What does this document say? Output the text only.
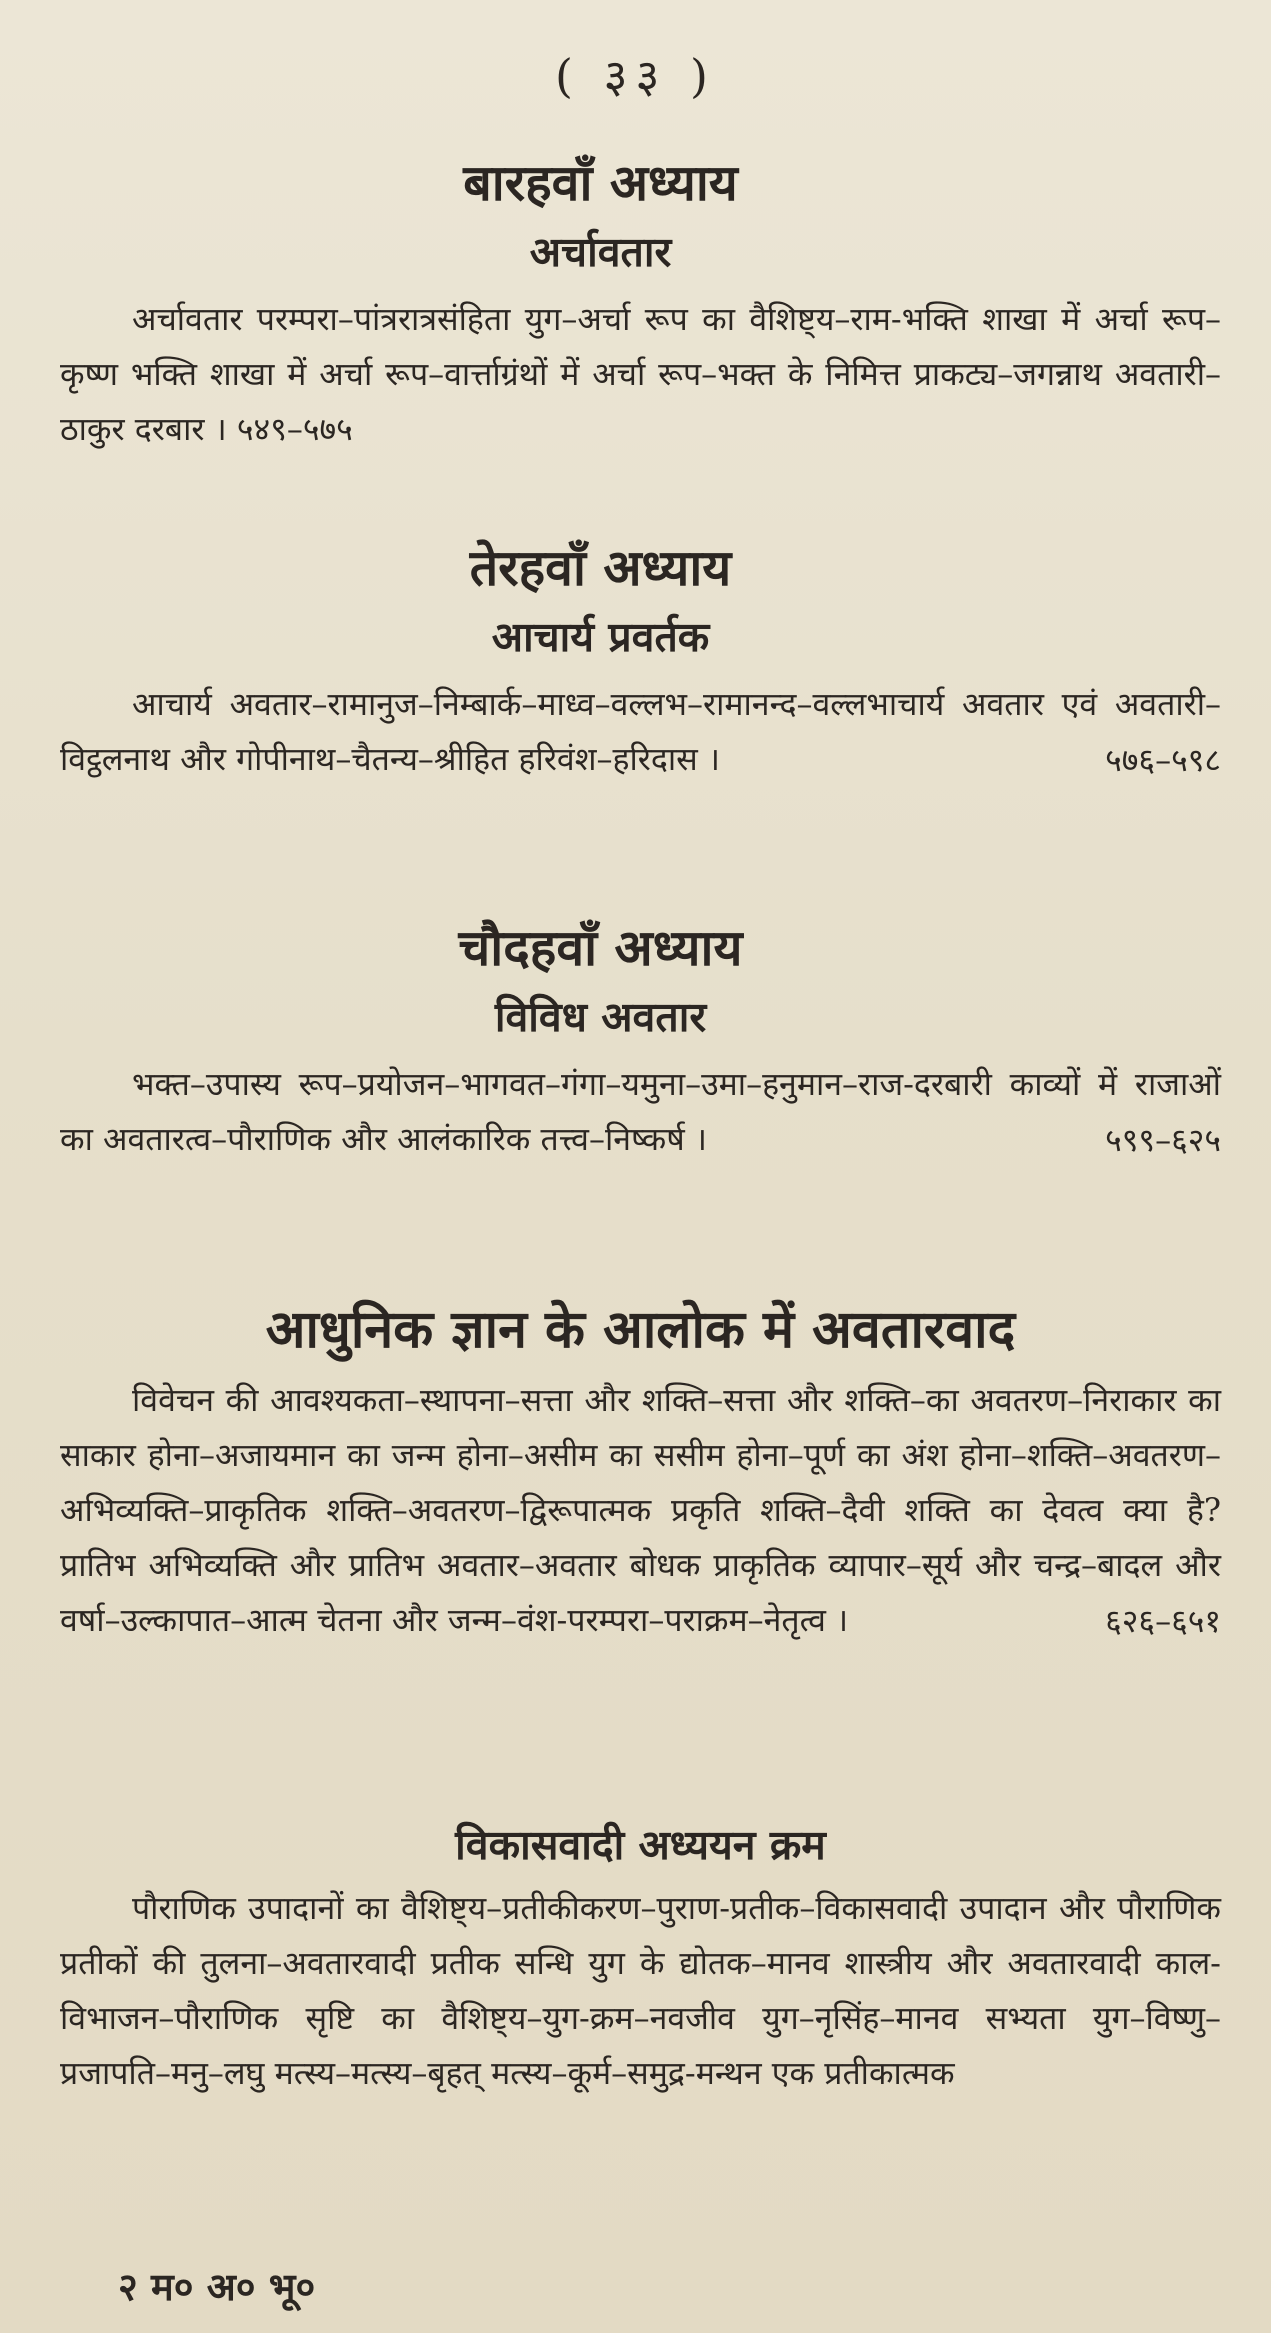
( ३३ )
बारहवाँ अध्याय
अर्चावतार

अर्चावतार परम्परा–पांत्ररात्रसंहिता युग–अर्चा रूप का वैशिष्ट्य–राम-भक्ति शाखा में अर्चा रूप–कृष्ण भक्ति शाखा में अर्चा रूप–वार्त्ताग्रंथों में अर्चा रूप–भक्त के निमित्त प्राकट्य–जगन्नाथ अवतारी–ठाकुर दरबार । ५४९–५७५

तेरहवाँ अध्याय
आचार्य प्रवर्तक

आचार्य अवतार–रामानुज–निम्बार्क–माध्व–वल्लभ–रामानन्द–वल्लभाचार्य अवतार एवं अवतारी–विट्ठलनाथ और गोपीनाथ–चैतन्य–श्रीहित हरिवंश–हरिदास ।	५७६–५९८
चौदहवाँ अध्याय
विविध अवतार

भक्त–उपास्य रूप–प्रयोजन–भागवत–गंगा–यमुना–उमा–हनुमान–राज-दरबारी काव्यों में राजाओं का अवतारत्व–पौराणिक और आलंकारिक तत्त्व–निष्कर्ष ।	५९९–६२५
आधुनिक ज्ञान के आलोक में अवतारवाद

विवेचन की आवश्यकता–स्थापना–सत्ता और शक्ति–सत्ता और शक्ति–का अवतरण–निराकार का साकार होना–अजायमान का जन्म होना–असीम का ससीम होना–पूर्ण का अंश होना–शक्ति–अवतरण–अभिव्यक्ति–प्राकृतिक शक्ति–अवतरण–द्विरूपात्मक प्रकृति शक्ति–दैवी शक्ति का देवत्व क्या है? प्रातिभ अभिव्यक्ति और प्रातिभ अवतार–अवतार बोधक प्राकृतिक व्यापार–सूर्य और चन्द्र–बादल और वर्षा–उल्कापात–आत्म चेतना और जन्म–वंश-परम्परा–पराक्रम–नेतृत्व ।	६२६–६५१
विकासवादी अध्ययन क्रम

पौराणिक उपादानों का वैशिष्ट्य–प्रतीकीकरण–पुराण-प्रतीक–विकासवादी उपादान और पौराणिक प्रतीकों की तुलना–अवतारवादी प्रतीक सन्धि युग के द्योतक–मानव शास्त्रीय और अवतारवादी काल-विभाजन–पौराणिक सृष्टि का वैशिष्ट्य–युग-क्रम–नवजीव युग–नृसिंह–मानव सभ्यता युग–विष्णु–प्रजापति–मनु–लघु मत्स्य–मत्स्य–बृहत् मत्स्य–कूर्म–समुद्र-मन्थन एक प्रतीकात्मक

२ म० अ० भू०
